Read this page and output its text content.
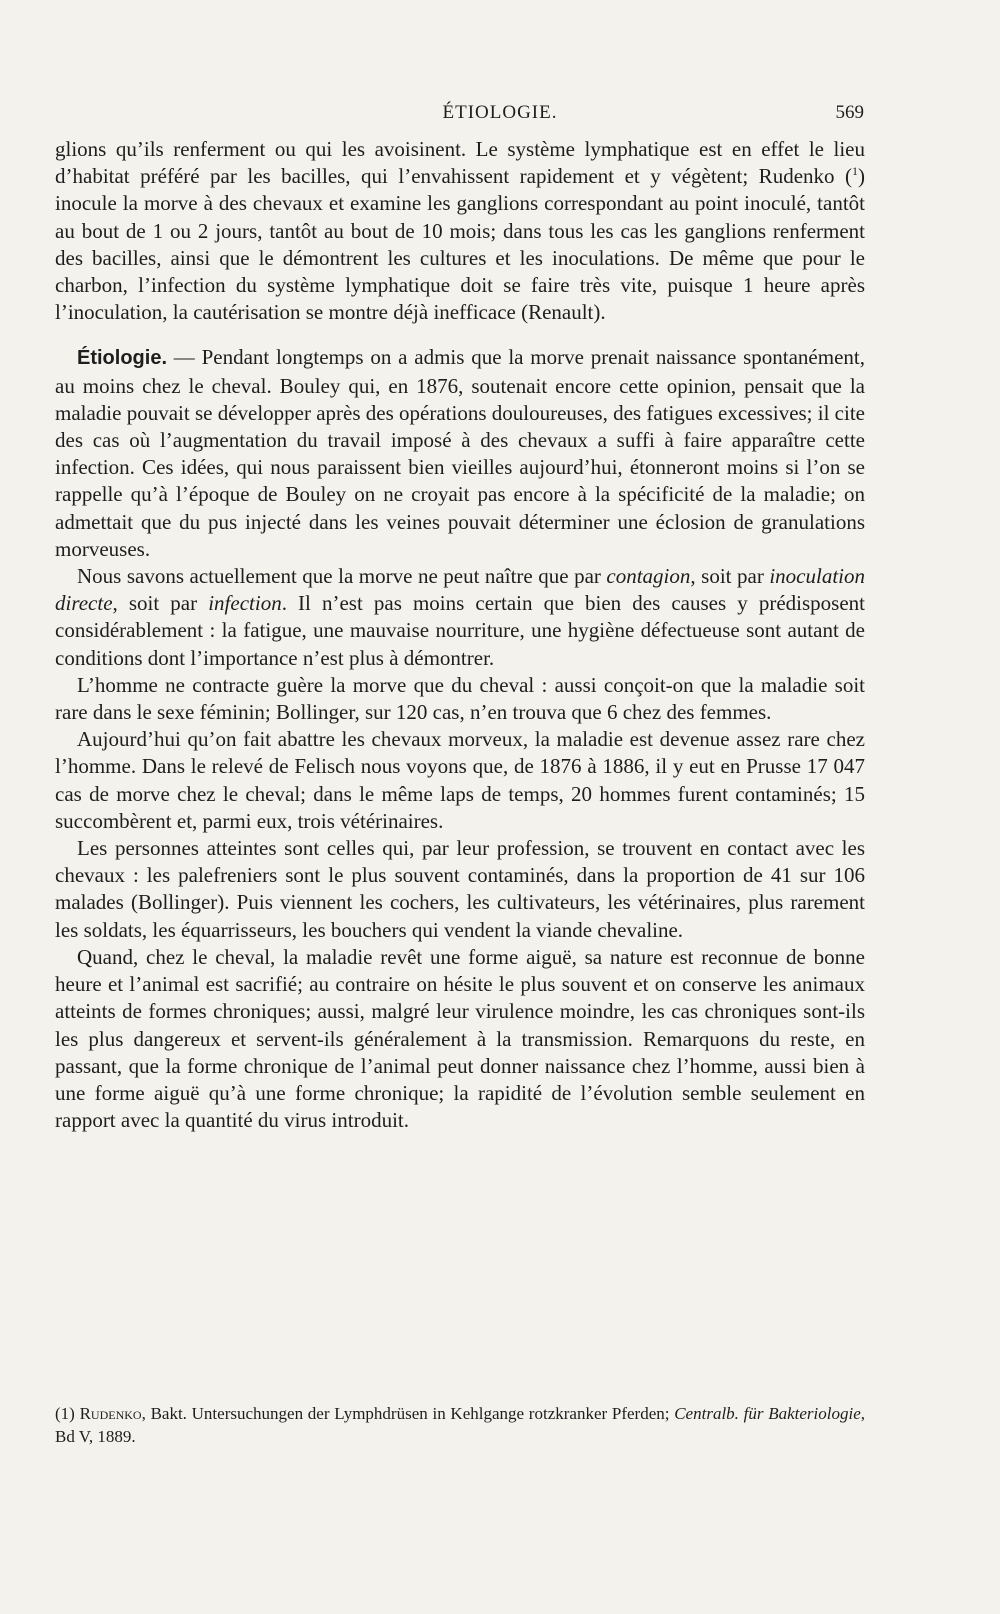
ÉTIOLOGIE.	569

glions qu’ils renferment ou qui les avoisinent. Le système lymphatique est en effet le lieu d’habitat préféré par les bacilles, qui l’envahissent rapidement et y végètent; Rudenko ($^1$) inocule la morve à des chevaux et examine les ganglions correspondant au point inoculé, tantôt au bout de 1 ou 2 jours, tantôt au bout de 10 mois; dans tous les cas les ganglions renferment des bacilles, ainsi que le démontrent les cultures et les inoculations. De même que pour le charbon, l’infection du système lymphatique doit se faire très vite, puisque 1 heure après l’inoculation, la cautérisation se montre déjà inefficace (Renault).

Étiologie. — Pendant longtemps on a admis que la morve prenait naissance spontanément, au moins chez le cheval. Bouley qui, en 1876, soutenait encore cette opinion, pensait que la maladie pouvait se développer après des opérations douloureuses, des fatigues excessives; il cite des cas où l’augmentation du travail imposé à des chevaux a suffi à faire apparaître cette infection. Ces idées, qui nous paraissent bien vieilles aujourd’hui, étonneront moins si l’on se rappelle qu’à l’époque de Bouley on ne croyait pas encore à la spécificité de la maladie; on admettait que du pus injecté dans les veines pouvait déterminer une éclosion de granulations morveuses.

Nous savons actuellement que la morve ne peut naître que par contagion, soit par inoculation directe, soit par infection. Il n’est pas moins certain que bien des causes y prédisposent considérablement : la fatigue, une mauvaise nourriture, une hygiène défectueuse sont autant de conditions dont l’importance n’est plus à démontrer.

L’homme ne contracte guère la morve que du cheval : aussi conçoit-on que la maladie soit rare dans le sexe féminin; Bollinger, sur 120 cas, n’en trouva que 6 chez des femmes.

Aujourd’hui qu’on fait abattre les chevaux morveux, la maladie est devenue assez rare chez l’homme. Dans le relevé de Felisch nous voyons que, de 1876 à 1886, il y eut en Prusse 17 047 cas de morve chez le cheval; dans le même laps de temps, 20 hommes furent contaminés; 15 succombèrent et, parmi eux, trois vétérinaires.

Les personnes atteintes sont celles qui, par leur profession, se trouvent en contact avec les chevaux : les palefreniers sont le plus souvent contaminés, dans la proportion de 41 sur 106 malades (Bollinger). Puis viennent les cochers, les cultivateurs, les vétérinaires, plus rarement les soldats, les équarrisseurs, les bouchers qui vendent la viande chevaline.

Quand, chez le cheval, la maladie revêt une forme aiguë, sa nature est reconnue de bonne heure et l’animal est sacrifié; au contraire on hésite le plus souvent et on conserve les animaux atteints de formes chroniques; aussi, malgré leur virulence moindre, les cas chroniques sont-ils les plus dangereux et servent-ils généralement à la transmission. Remarquons du reste, en passant, que la forme chronique de l’animal peut donner naissance chez l’homme, aussi bien à une forme aiguë qu’à une forme chronique; la rapidité de l’évolution semble seulement en rapport avec la quantité du virus introduit.

(1) Rudenko, Bakt. Untersuchungen der Lymphdrüsen in Kehlgange rotzkranker Pferden; Centralb. für Bakteriologie, Bd V, 1889.
